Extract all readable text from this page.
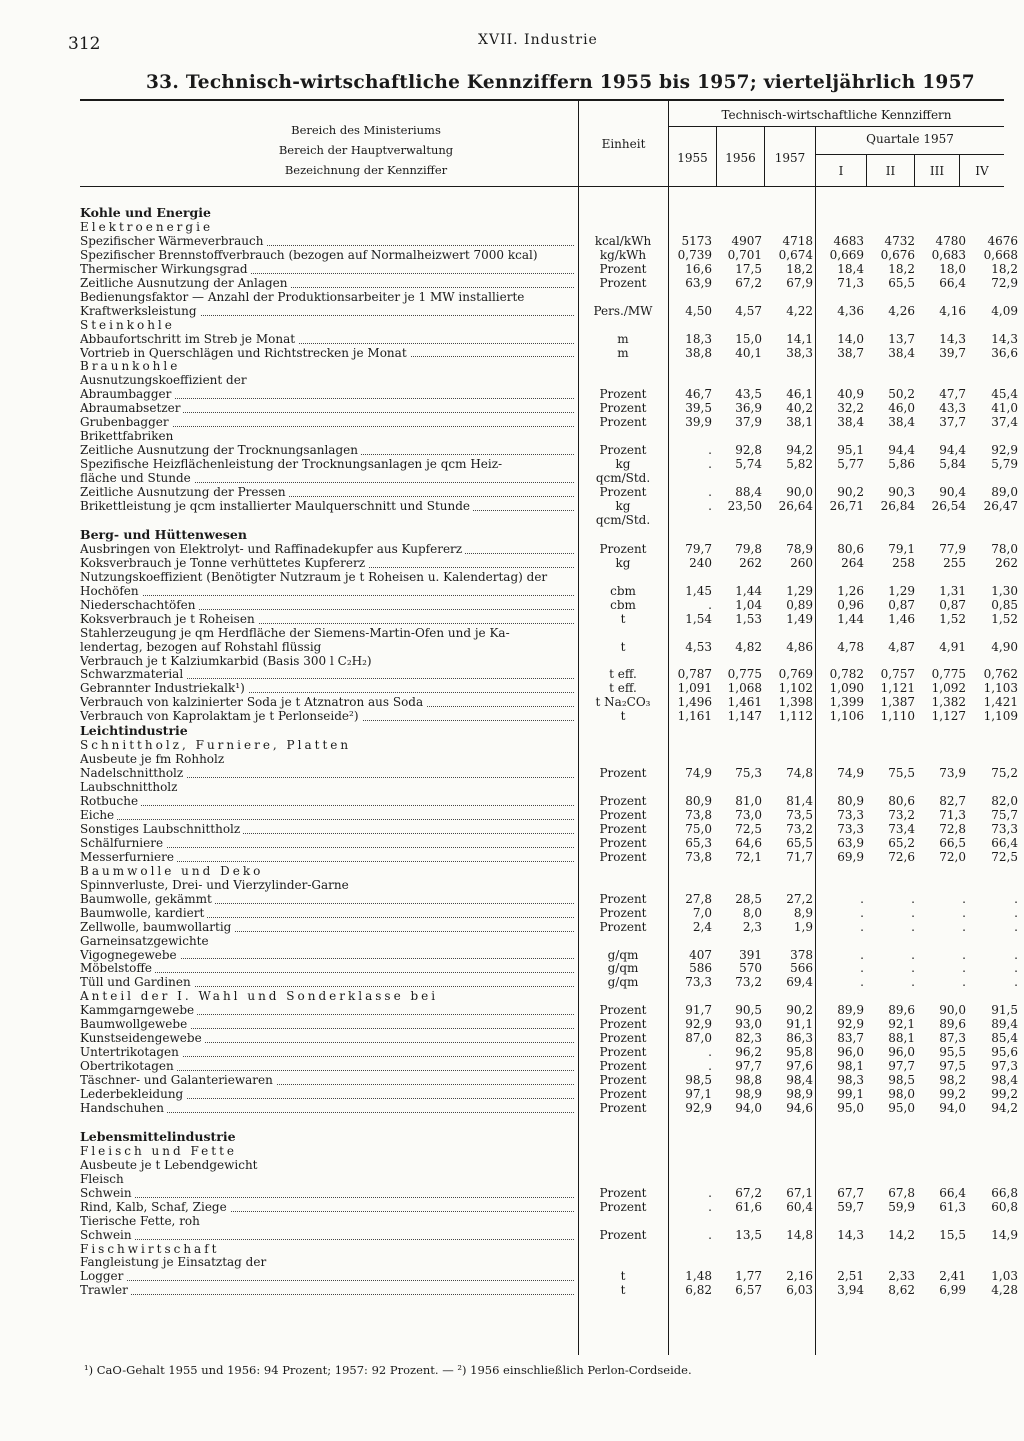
312	XVII. Industrie
33. Technisch-wirtschaftliche Kennziffern 1955 bis 1957; vierteljährlich 1957
Bereich des Ministeriums
Bereich der Hauptverwaltung
Bezeichnung der Kennziffer
Einheit
Technisch-wirtschaftliche Kennziffern
Quartale 1957
1955	1956	1957
I	II	III	IV
Kohle und Energie								
Elektroenergie								

Spezifischer Wärmeverbrauch	kcal/kWh	5173	4907	4718	4683	4732	4780	4676
Spezifischer Brennstoffverbrauch (bezogen auf Normalheizwert 7000 kcal)	kg/kWh	0,739	0,701	0,674	0,669	0,676	0,683	0,668

Thermischer Wirkungsgrad	Prozent	16,6	17,5	18,2	18,4	18,2	18,0	18,2

Zeitliche Ausnutzung der Anlagen	Prozent	63,9	67,2	67,9	71,3	65,5	66,4	72,9
Bedienungsfaktor — Anzahl der Produktionsarbeiter je 1 MW installierte								

Kraftwerksleistung	Pers./MW	4,50	4,57	4,22	4,36	4,26	4,16	4,09
Steinkohle								

Abbaufortschritt im Streb je Monat	m	18,3	15,0	14,1	14,0	13,7	14,3	14,3

Vortrieb in Querschlägen und Richtstrecken je Monat	m	38,8	40,1	38,3	38,7	38,4	39,7	36,6
Braunkohle								
Ausnutzungskoeffizient der								

Abraumbagger	Prozent	46,7	43,5	46,1	40,9	50,2	47,7	45,4

Abraumabsetzer	Prozent	39,5	36,9	40,2	32,2	46,0	43,3	41,0

Grubenbagger	Prozent	39,9	37,9	38,1	38,4	38,4	37,7	37,4
Brikettfabriken								

Zeitliche Ausnutzung der Trocknungsanlagen	Prozent	.	92,8	94,2	95,1	94,4	94,4	92,9
Spezifische Heizflächenleistung der Trocknungsanlagen je qcm Heiz-	kg	.	5,74	5,82	5,77	5,86	5,84	5,79

fläche und Stunde	qcm/Std.							

Zeitliche Ausnutzung der Pressen	Prozent	.	88,4	90,0	90,2	90,3	90,4	89,0

Brikettleistung je qcm installierter Maulquerschnitt und Stunde	kg	.	23,50	26,64	26,71	26,84	26,54	26,47
	qcm/Std.							
Berg- und Hüttenwesen								

Ausbringen von Elektrolyt- und Raffinadekupfer aus Kupfererz	Prozent	79,7	79,8	78,9	80,6	79,1	77,9	78,0

Koksverbrauch je Tonne verhüttetes Kupfererz	kg	240	262	260	264	258	255	262
Nutzungskoeffizient (Benötigter Nutzraum je t Roheisen u. Kalendertag) der								

Hochöfen	cbm	1,45	1,44	1,29	1,26	1,29	1,31	1,30

Niederschachtöfen	cbm	.	1,04	0,89	0,96	0,87	0,87	0,85

Koksverbrauch je t Roheisen	t	1,54	1,53	1,49	1,44	1,46	1,52	1,52
Stahlerzeugung je qm Herdfläche der Siemens-Martin-Öfen und je Ka-								
lendertag, bezogen auf Rohstahl flüssig	t	4,53	4,82	4,86	4,78	4,87	4,91	4,90
Verbrauch je t Kalziumkarbid (Basis 300 l C₂H₂)								

Schwarzmaterial	t eff.	0,787	0,775	0,769	0,782	0,757	0,775	0,762

Gebrannter Industriekalk¹)	t eff.	1,091	1,068	1,102	1,090	1,121	1,092	1,103

Verbrauch von kalzinierter Soda je t Ätznatron aus Soda	t Na₂CO₃	1,496	1,461	1,398	1,399	1,387	1,382	1,421

Verbrauch von Kaprolaktam je t Perlonseide²)	t	1,161	1,147	1,112	1,106	1,110	1,127	1,109
Leichtindustrie								
Schnittholz, Furniere, Platten								
Ausbeute je fm Rohholz								

Nadelschnittholz	Prozent	74,9	75,3	74,8	74,9	75,5	73,9	75,2
Laubschnittholz								

Rotbuche	Prozent	80,9	81,0	81,4	80,9	80,6	82,7	82,0

Eiche	Prozent	73,8	73,0	73,5	73,3	73,2	71,3	75,7

Sonstiges Laubschnittholz	Prozent	75,0	72,5	73,2	73,3	73,4	72,8	73,3

Schälfurniere	Prozent	65,3	64,6	65,5	63,9	65,2	66,5	66,4

Messerfurniere	Prozent	73,8	72,1	71,7	69,9	72,6	72,0	72,5
Baumwolle und Deko								
Spinnverluste, Drei- und Vierzylinder-Garne								

Baumwolle, gekämmt	Prozent	27,8	28,5	27,2	.	.	.	.

Baumwolle, kardiert	Prozent	7,0	8,0	8,9	.	.	.	.

Zellwolle, baumwollartig	Prozent	2,4	2,3	1,9	.	.	.	.
Garneinsatzgewichte								

Vigognegewebe	g/qm	407	391	378	.	.	.	.

Möbelstoffe	g/qm	586	570	566	.	.	.	.

Tüll und Gardinen	g/qm	73,3	73,2	69,4	.	.	.	.
Anteil der I. Wahl und Sonderklasse bei								

Kammgarngewebe	Prozent	91,7	90,5	90,2	89,9	89,6	90,0	91,5

Baumwollgewebe	Prozent	92,9	93,0	91,1	92,9	92,1	89,6	89,4

Kunstseidengewebe	Prozent	87,0	82,3	86,3	83,7	88,1	87,3	85,4

Untertrikotagen	Prozent	.	96,2	95,8	96,0	96,0	95,5	95,6

Obertrikotagen	Prozent	.	97,7	97,6	98,1	97,7	97,5	97,3

Täschner- und Galanteriewaren	Prozent	98,5	98,8	98,4	98,3	98,5	98,2	98,4

Lederbekleidung	Prozent	97,1	98,9	98,9	99,1	98,0	99,2	99,2

Handschuhen	Prozent	92,9	94,0	94,6	95,0	95,0	94,0	94,2

Lebensmittelindustrie								
Fleisch und Fette								
Ausbeute je t Lebendgewicht								
Fleisch								

Schwein	Prozent	.	67,2	67,1	67,7	67,8	66,4	66,8

Rind, Kalb, Schaf, Ziege	Prozent	.	61,6	60,4	59,7	59,9	61,3	60,8
Tierische Fette, roh								

Schwein	Prozent	.	13,5	14,8	14,3	14,2	15,5	14,9
Fischwirtschaft								
Fangleistung je Einsatztag der								

Logger	t	1,48	1,77	2,16	2,51	2,33	2,41	1,03

Trawler	t	6,82	6,57	6,03	3,94	8,62	6,99	4,28
¹) CaO-Gehalt 1955 und 1956: 94 Prozent; 1957: 92 Prozent. — ²) 1956 einschließlich Perlon-Cordseide.
